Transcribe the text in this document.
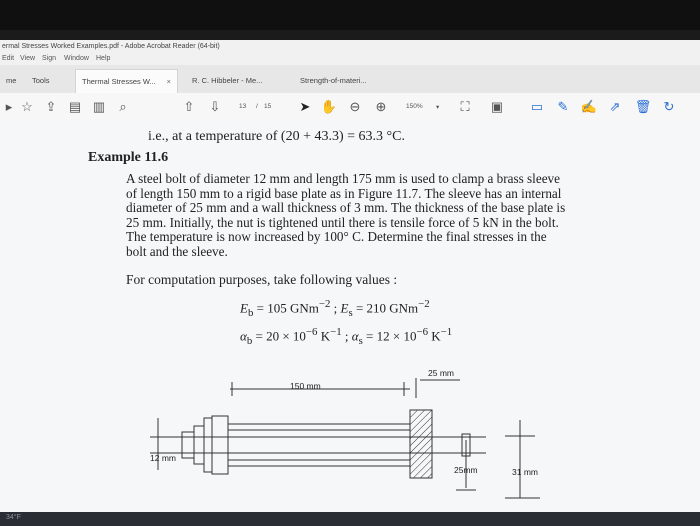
ermal Stresses Worked Examples.pdf - Adobe Acrobat Reader (64-bit)
Edit View Sign Window Help
me	Tools	Thermal Stresses W... ×	R. C. Hibbeler - Me...	Strength-of-materi...
▸ ☆ ⇪ ▤ ▥	⌕	⇧ ⇩	13 / 15 ➤ ✋ ⊖ ⊕	150% ▾	⛶	▣ ▭ ✎ ✍ ⇗ 🗑 ↻
i.e., at a temperature of (20 + 43.3) = 63.3 °C.
Example 11.6
A steel bolt of diameter 12 mm and length 175 mm is used to clamp a brass sleeve
of length 150 mm to a rigid base plate as in Figure 11.7. The sleeve has an internal
diameter of 25 mm and a wall thickness of 3 mm. The thickness of the base plate is
25 mm. Initially, the nut is tightened until there is tensile force of 5 kN in the bolt.
The temperature is now increased by 100° C. Determine the final stresses in the
bolt and the sleeve.
For computation purposes, take following values :
$E_b = 105$ GNm$^{-2}$ ; $E_s = 210$ GNm$^{-2}$
$\alpha_b = 20 \times 10^{-6}$ $K^{-1}$ ; $\alpha_s = 12 \times 10^{-6}$ $K^{-1}$
150 mm
25 mm
12 mm
25mm	31 mm
34°F
